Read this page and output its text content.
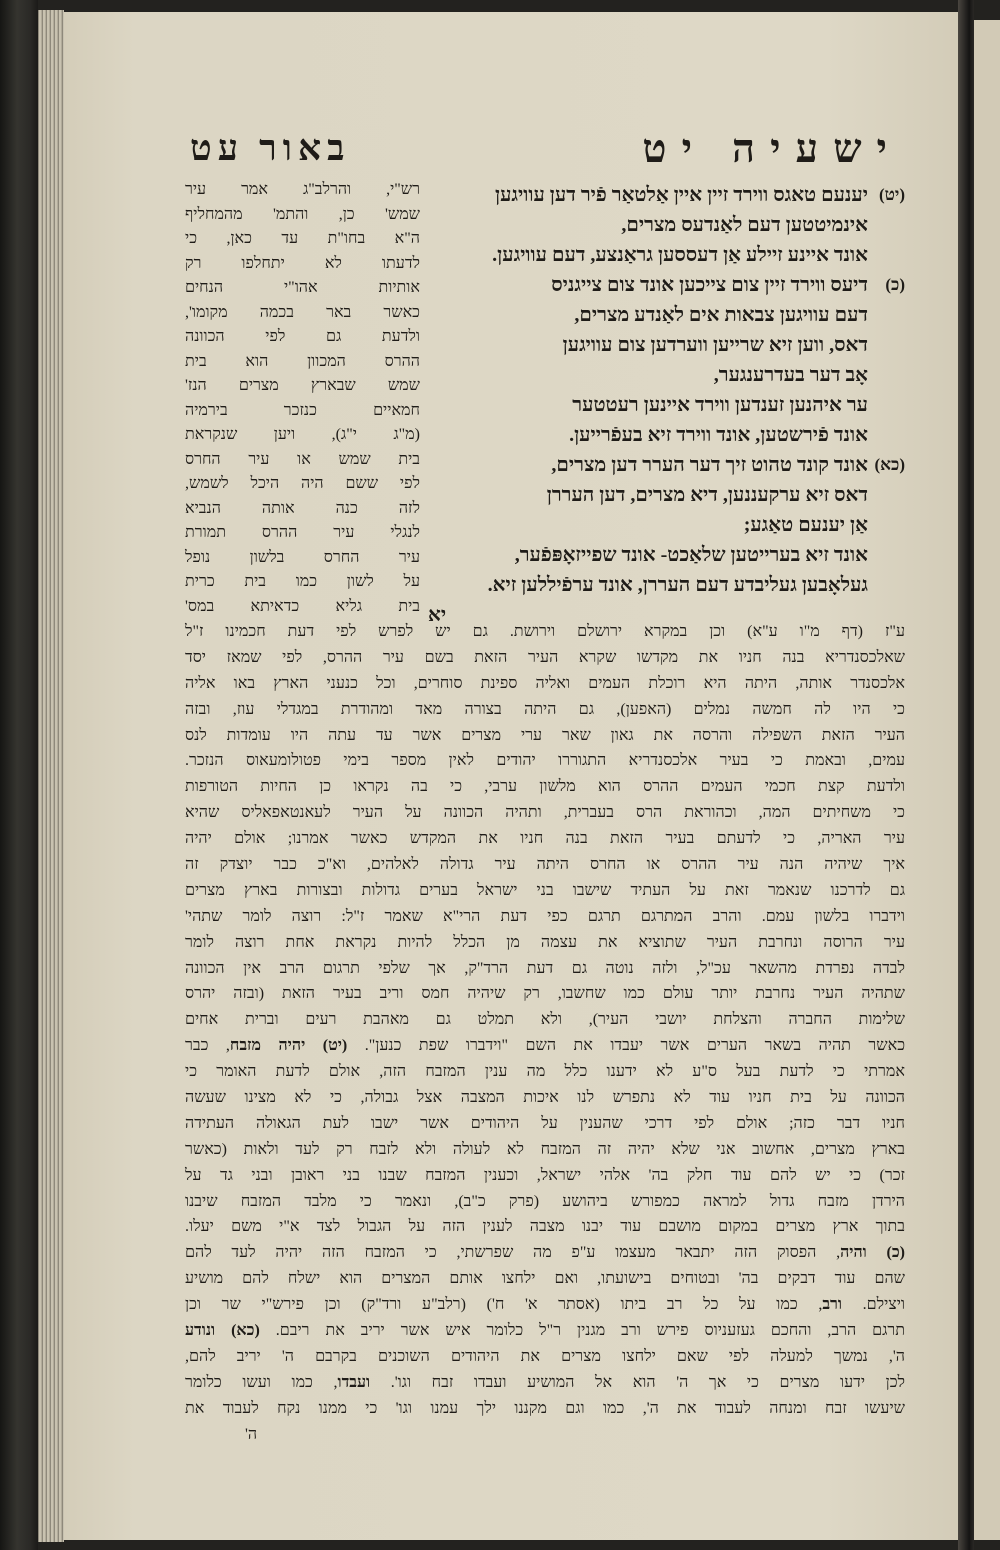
ישעיה יט
באור עט
(יט)
יענעם טאגס ווירד זיין איין אַלטאַר פֿיר דען עוויגען
אינמיטטען דעם לאַנדעס מצרים,
אונד איינע זיילע אַן דעססען גראַנצע, דעם עוויגען.
(כ)
דיעס ווירד זיין צום צייכען אונד צום צייגניס
דעם עוויגען צבאות אים לאַנדע מצרים,
דאס, ווען זיא שרייען ווערדען צום עוויגען
אָב דער בעדרענגער,
ער איהנען זענדען ווירד איינען רעטטער
אונד פֿירשטען, אונד ווירד זיא בעפֿרייען.
(כא)
אונד קונד טהוט זיך דער הערר דען מצרים,
דאס זיא ערקעננען, דיא מצרים, דען העררן
אַן יענעם טאַגע;
אונד זיא בערייטען שלאַכט- אונד שפייזאָפּפֿער,
געלאָבען געליבדע דעם העררן, אונד ערפֿיללען זיא.
יא
רש"י, והרלב"ג אמר עיר
שמש' כן, והתמ' מהמחליף
ה"א בחו"ת עד כאן, כי
לדעתו לא יתחלפו רק
אותיות אהו"י הנחים
כאשר באר בכמה מקומו',
ולדעת גם לפי הכוונה
ההרס המכוון הוא בית
שמש שבארץ מצרים הנז'
חמאיים כנזכר בירמיה
(מ"ג י"ג), ויען שנקראת
בית שמש או עיר החרס
לפי ששם היה היכל לשמש,
לזה כנה אותה הנביא
לנגלי עיר ההרס תמורת
עיר החרס בלשון נופל
על לשון כמו בית כרית
בית גליא כדאיתא במס'
ע"ז (דף מ"ו ע"א) וכן במקרא ירושלם וירושת. גם יש לפרש לפי דעת חכמינו ז"ל
שאלכסנדריא בנה חניו את מקדשו שקרא העיר הזאת בשם עיר ההרס, לפי שמאז יסד
אלכסנדר אותה, היתה היא רוכלת העמים ואליה ספינת סוחרים, וכל כנעני הארץ באו אליה
כי היו לה חמשה נמלים (האפען), גם היתה בצורה מאד ומהודרת במגדלי עוז, ובזה
העיר הזאת השפילה והרסה את גאון שאר ערי מצרים אשר עד עתה היו עומדות לנס
עמים, ובאמת כי בעיר אלכסנדריא התגוררו יהודים לאין מספר בימי פטולומעאוס הנזכר.
ולדעת קצת חכמי העמים ההרס הוא מלשון ערבי, כי בה נקראו כן החיות הטורפות
כי משחיתים המה, וכהוראת הרס בעברית, ותהיה הכוונה על העיר לעאנטאפאליס שהיא
עיר האריה, כי לדעתם בעיר הזאת בנה חניו את המקדש כאשר אמרנו; אולם יהיה
איך שיהיה הנה עיר ההרס או החרס היתה עיר גדולה לאלהים, וא"כ כבר יוצדק זה
גם לדרכנו שנאמר זאת על העתיד שישבו בני ישראל בערים גדולות ובצורות בארץ מצרים
וידברו בלשון עמם. והרב המתרגם תרגם כפי דעת הרי"א שאמר ז"ל: רוצה לומר שתהי'
עיר הרוסה ונחרבת העיר שתוציא את עצמה מן הכלל להיות נקראת אחת רוצה לומר
לבדה נפרדת מהשאר עכ"ל, ולזה נוטה גם דעת הרד"ק, אך שלפי תרגום הרב אין הכוונה
שתהיה העיר נחרבת יותר עולם כמו שחשבו, רק שיהיה חמס וריב בעיר הזאת (ובזה יהרס
שלימות החברה והצלחת יושבי העיר), ולא תמלט גם מאהבת רעים וברית אחים
כאשר תהיה בשאר הערים אשר יעבדו את השם "וידברו שפת כנען". (יט) יהיה מזבח, כבר
אמרתי כי לדעת בעל ס"ע לא ידענו כלל מה ענין המזבח הזה, אולם לדעת האומר כי
הכוונה על בית חניו עוד לא נתפרש לנו איכות המצבה אצל גבולה, כי לא מצינו שעשה
חניו דבר כזה; אולם לפי דרכי שהענין על היהודים אשר ישבו לעת הגאולה העתידה
בארץ מצרים, אחשוב אני שלא יהיה זה המזבח לא לעולה ולא לזבח רק לעד ולאות (כאשר
זכר) כי יש להם עוד חלק בה' אלהי ישראל, וכענין המזבח שבנו בני ראובן ובני גד על
הירדן מזבח גדול למראה כמפורש ביהושע (פרק כ"ב), ונאמר כי מלבד המזבח שיבנו
בתוך ארץ מצרים במקום מושבם עוד יבנו מצבה לענין הזה על הגבול לצד א"י משם יעלו.
(כ) והיה, הפסוק הזה יתבאר מעצמו ע"פ מה שפרשתי, כי המזבח הזה יהיה לעד להם
שהם עוד דבקים בה' ובטוחים בישועתו, ואם ילחצו אותם המצרים הוא ישלח להם מושיע
ויצילם. ורב, כמו על כל רב ביתו (אסתר א' ח') (רלב"ע ורד"ק) וכן פירש"י שר וכן
תרגם הרב, והחכם געזעניוס פירש ורב מגנין ר"ל כלומר איש אשר יריב את ריבם. (כא) ונודע
ה', נמשך למעלה לפי שאם ילחצו מצרים את היהודים השוכנים בקרבם ה' יריב להם,
לכן ידעו מצרים כי אך ה' הוא אל המושיע ועבדו זבח וגו'. ועבדו, כמו ועשו כלומר
שיעשו זבח ומנחה לעבוד את ה', כמו וגם מקננו ילך עמנו וגו' כי ממנו נקח לעבוד את
ה'
